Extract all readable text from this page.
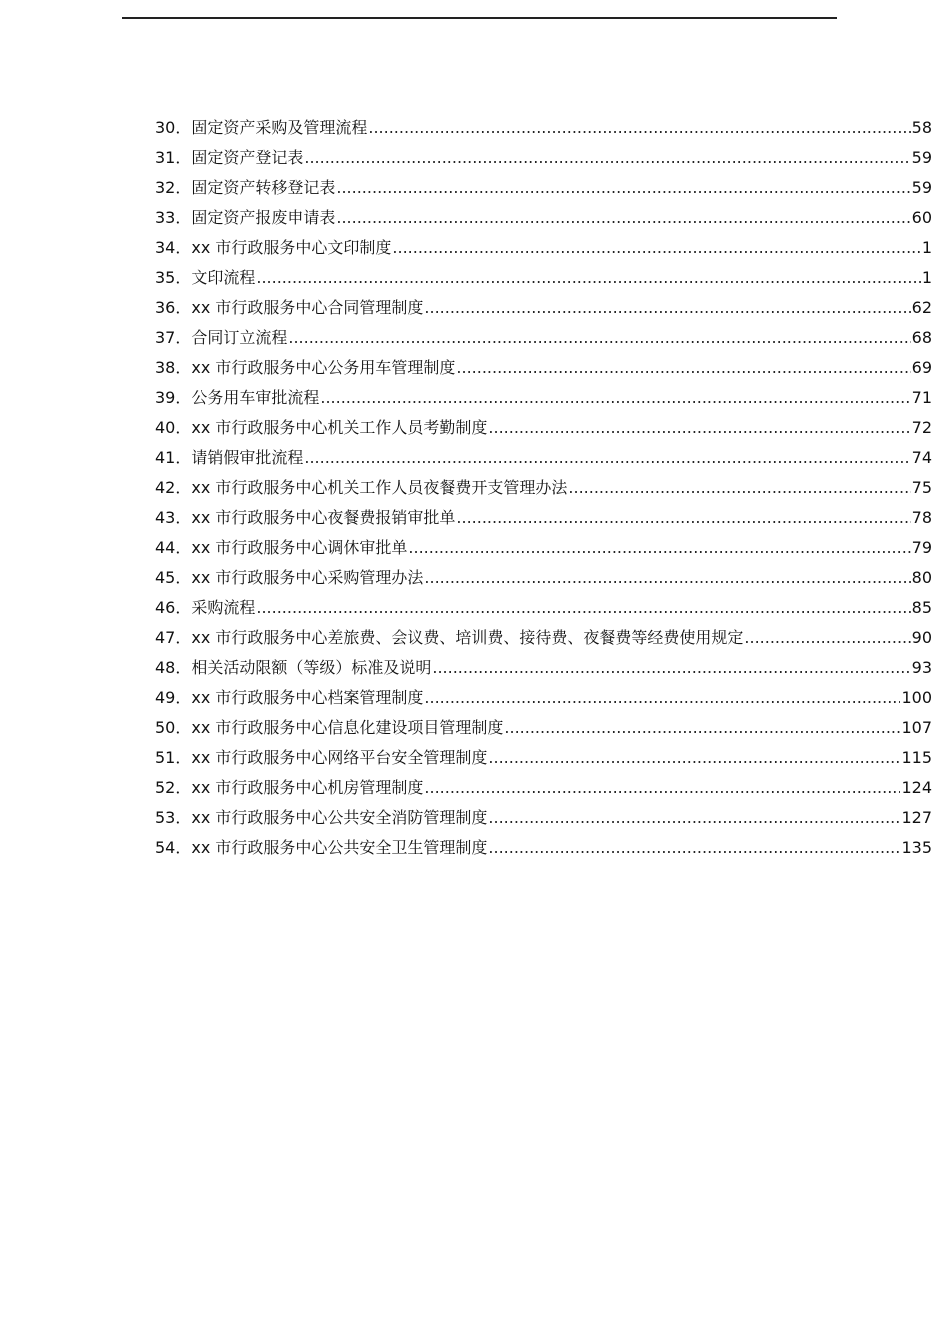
30．固定资产采购及管理流程 .....	58
31．固定资产登记表 .....	59
32．固定资产转移登记表 .....	59
33．固定资产报废申请表 .....	60
34．xx 市行政服务中心文印制度 .....	1
35．文印流程 .....	1
36．xx 市行政服务中心合同管理制度 .....	62
37．合同订立流程 .....	68
38．xx 市行政服务中心公务用车管理制度 .....	69
39．公务用车审批流程 .....	71
40．xx 市行政服务中心机关工作人员考勤制度 .....	72
41．请销假审批流程 .....	74
42．xx 市行政服务中心机关工作人员夜餐费开支管理办法 .....	75
43．xx 市行政服务中心夜餐费报销审批单 .....	78
44．xx 市行政服务中心调休审批单 .....	79
45．xx 市行政服务中心采购管理办法 .....	80
46．采购流程 .....	85
47．xx 市行政服务中心差旅费、会议费、培训费、接待费、夜餐费等经费使用规定 .....	90
48．相关活动限额（等级）标准及说明 .....	93
49．xx 市行政服务中心档案管理制度 .....	100
50．xx 市行政服务中心信息化建设项目管理制度 .....	107
51．xx 市行政服务中心网络平台安全管理制度 .....	115
52．xx 市行政服务中心机房管理制度 .....	124
53．xx 市行政服务中心公共安全消防管理制度 .....	127
54．xx 市行政服务中心公共安全卫生管理制度 .....	135
